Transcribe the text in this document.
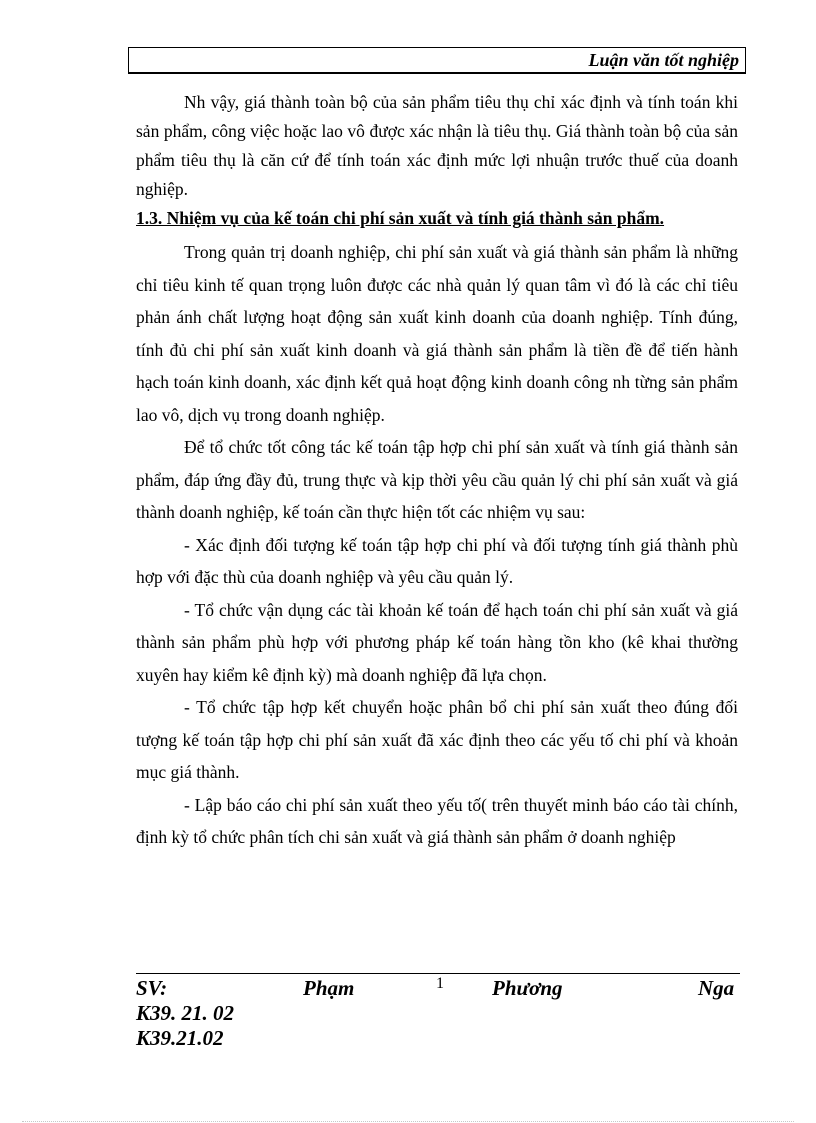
Luận văn tốt nghiệp

Nh vậy, giá thành toàn bộ của sản phẩm tiêu thụ chỉ xác định và tính toán khi sản phẩm, công việc hoặc lao vô được xác nhận là tiêu thụ. Giá thành toàn bộ của sản phẩm tiêu thụ là căn cứ để tính toán xác định mức lợi nhuận trước thuế của doanh nghiệp.

1.3. Nhiệm vụ của kế toán chi phí sản xuất và tính giá thành sản phẩm.

Trong quản trị doanh nghiệp, chi phí sản xuất và giá thành sản phẩm là những chỉ tiêu kinh tế quan trọng luôn được các nhà quản lý quan tâm vì đó là các chỉ tiêu phản ánh chất lượng hoạt động sản xuất kinh doanh của doanh nghiệp. Tính đúng, tính đủ chi phí sản xuất kinh doanh và giá thành sản phẩm là tiền đề để tiến hành hạch toán kinh doanh, xác định kết quả hoạt động kinh doanh công nh từng sản phẩm lao vô, dịch vụ trong doanh nghiệp.

Để tổ chức tốt công tác kế toán tập hợp chi phí sản xuất và tính giá thành sản phẩm, đáp ứng đầy đủ, trung thực và kịp thời yêu cầu quản lý chi phí sản xuất và giá thành doanh nghiệp, kế toán cần thực hiện tốt các nhiệm vụ sau:

- Xác định đối tượng kế toán tập hợp chi phí và đối tượng tính giá thành phù hợp với đặc thù của doanh nghiệp và yêu cầu quản lý.

- Tổ chức vận dụng các tài khoản kế toán để hạch toán chi phí sản xuất và giá thành sản phẩm phù hợp với phương pháp kế toán hàng tồn kho (kê khai thường xuyên hay kiểm kê định kỳ) mà doanh nghiệp đã lựa chọn.

- Tổ chức tập hợp kết chuyển hoặc phân bổ chi phí sản xuất theo đúng đối tượng kế toán tập hợp chi phí sản xuất đã xác định theo các yếu tố chi phí và khoản mục giá thành.

- Lập báo cáo chi phí sản xuất theo yếu tố( trên thuyết minh báo cáo tài chính, định kỳ tổ chức phân tích chi sản xuất và giá thành sản phẩm ở doanh nghiệp

SV:	Phạm	1 Phương	Nga
K39. 21. 02
K39.21.02
